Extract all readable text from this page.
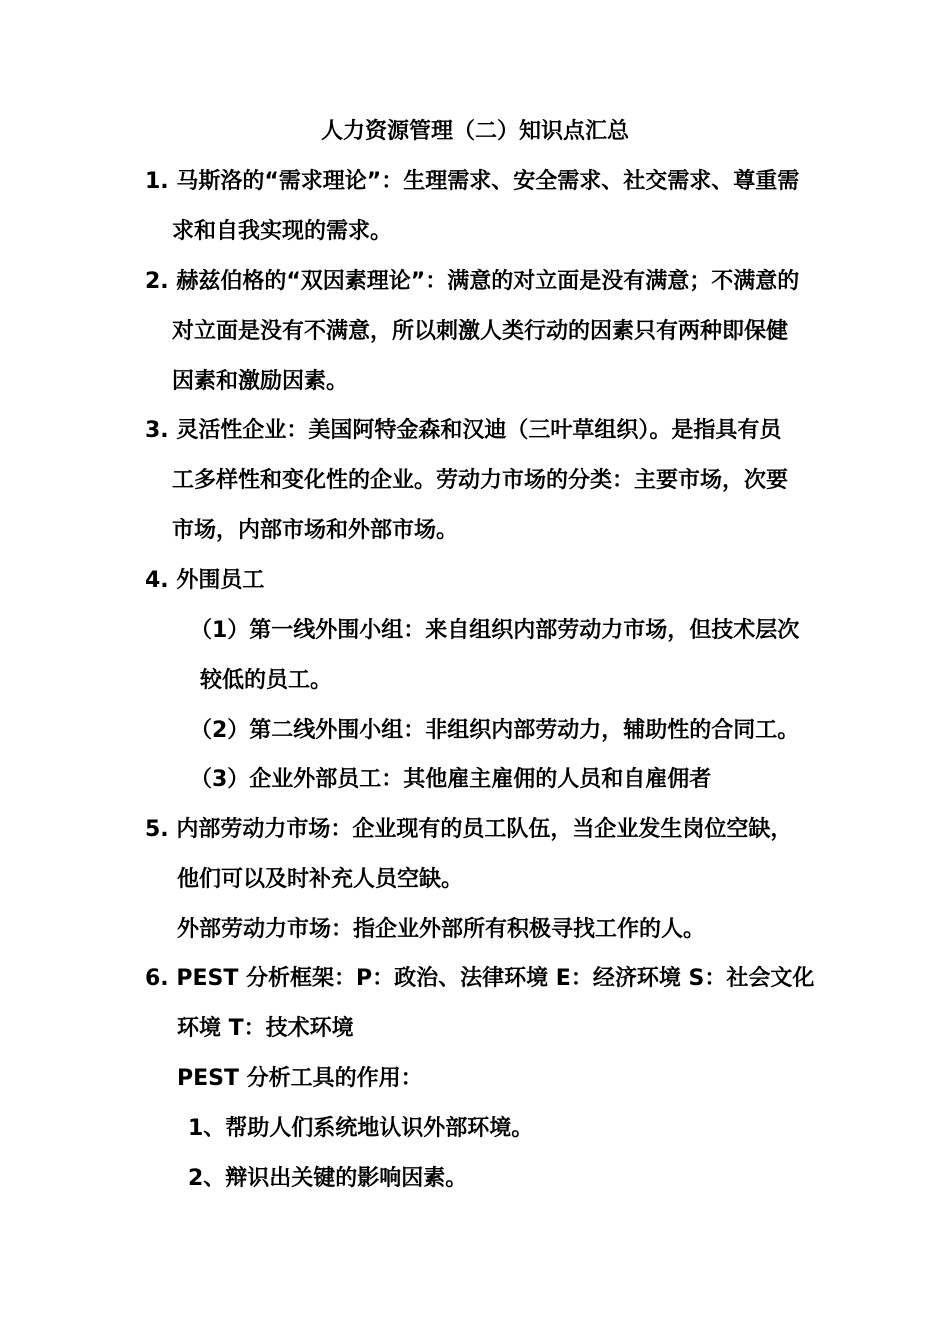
人力资源管理（二）知识点汇总
1. 马斯洛的“需求理论”：生理需求、安全需求、社交需求、尊重需
求和自我实现的需求。
2. 赫兹伯格的“双因素理论”：满意的对立面是没有满意；不满意的
对立面是没有不满意，所以刺激人类行动的因素只有两种即保健
因素和激励因素。
3. 灵活性企业：美国阿特金森和汉迪（三叶草组织）。是指具有员
工多样性和变化性的企业。劳动力市场的分类：主要市场，次要
市场，内部市场和外部市场。
4. 外围员工
（1）第一线外围小组：来自组织内部劳动力市场，但技术层次
较低的员工。
（2）第二线外围小组：非组织内部劳动力，辅助性的合同工。
（3）企业外部员工：其他雇主雇佣的人员和自雇佣者
5. 内部劳动力市场：企业现有的员工队伍，当企业发生岗位空缺，
他们可以及时补充人员空缺。
外部劳动力市场：指企业外部所有积极寻找工作的人。
6. PEST 分析框架：P：政治、法律环境 E：经济环境 S：社会文化
环境 T：技术环境
PEST 分析工具的作用：
1、帮助人们系统地认识外部环境。
2、辩识出关键的影响因素。
